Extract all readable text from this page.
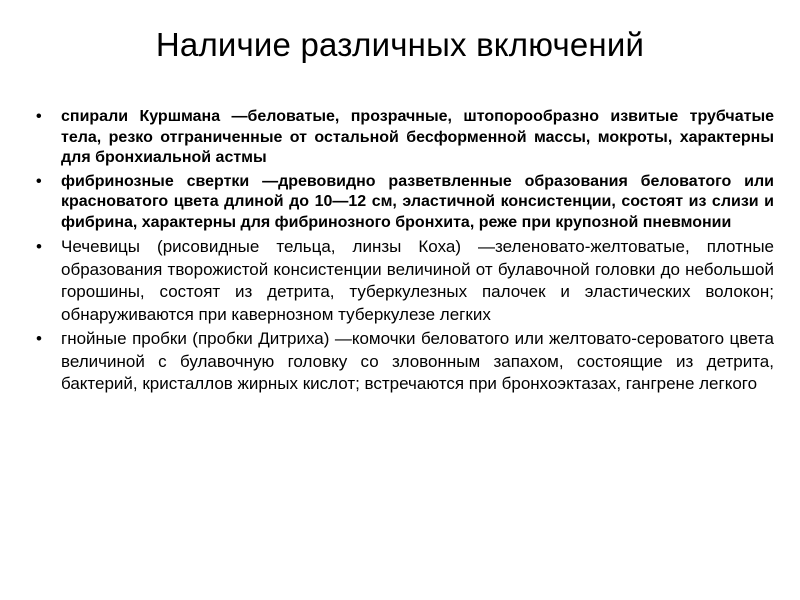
Наличие различных включений
• спирали Куршмана —беловатые, прозрачные, штопорообразно извитые трубчатые тела, резко отграниченные от остальной бесформенной массы, мокроты, характерны для бронхиальной астмы
• фибринозные свертки —древовидно разветвленные образования беловатого или красноватого цвета длиной до 10—12 см, эластичной консистенции, состоят из слизи и фибрина, характерны для фибринозного бронхита, реже при крупозной пневмонии
• Чечевицы (рисовидные тельца, линзы Коха) —зеленовато-желтоватые, плотные образования творожистой консистенции величиной от булавочной головки до небольшой горошины, состоят из детрита, туберкулезных палочек и эластических волокон; обнаруживаются при кавернозном туберкулезе легких
• гнойные пробки (пробки Дитриха) —комочки беловатого или желтовато-сероватого цвета величиной с булавочную головку со зловонным запахом, состоящие из детрита, бактерий, кристаллов жирных кислот; встречаются при бронхоэктазах, гангрене легкого
